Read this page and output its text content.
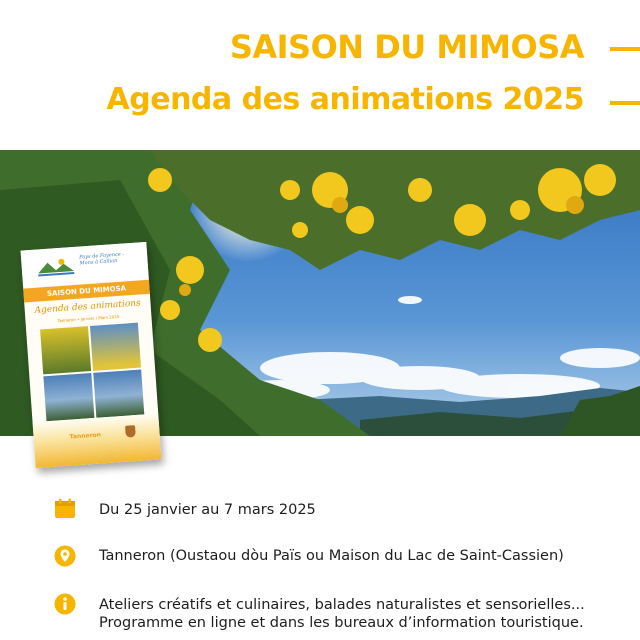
SAISON DU MIMOSA
Agenda des animations 2025
Pays de Fayence - Mons à Callian
SAISON DU MIMOSA
Agenda des animations
Tanneron • Janvier / Mars 2025
Tanneron
Du 25 janvier au 7 mars 2025
Tanneron (Oustaou dòu Païs ou Maison du Lac de Saint-Cassien)
Ateliers créatifs et culinaires, balades naturalistes et sensorielles...
Programme en ligne et dans les bureaux d’information touristique.
